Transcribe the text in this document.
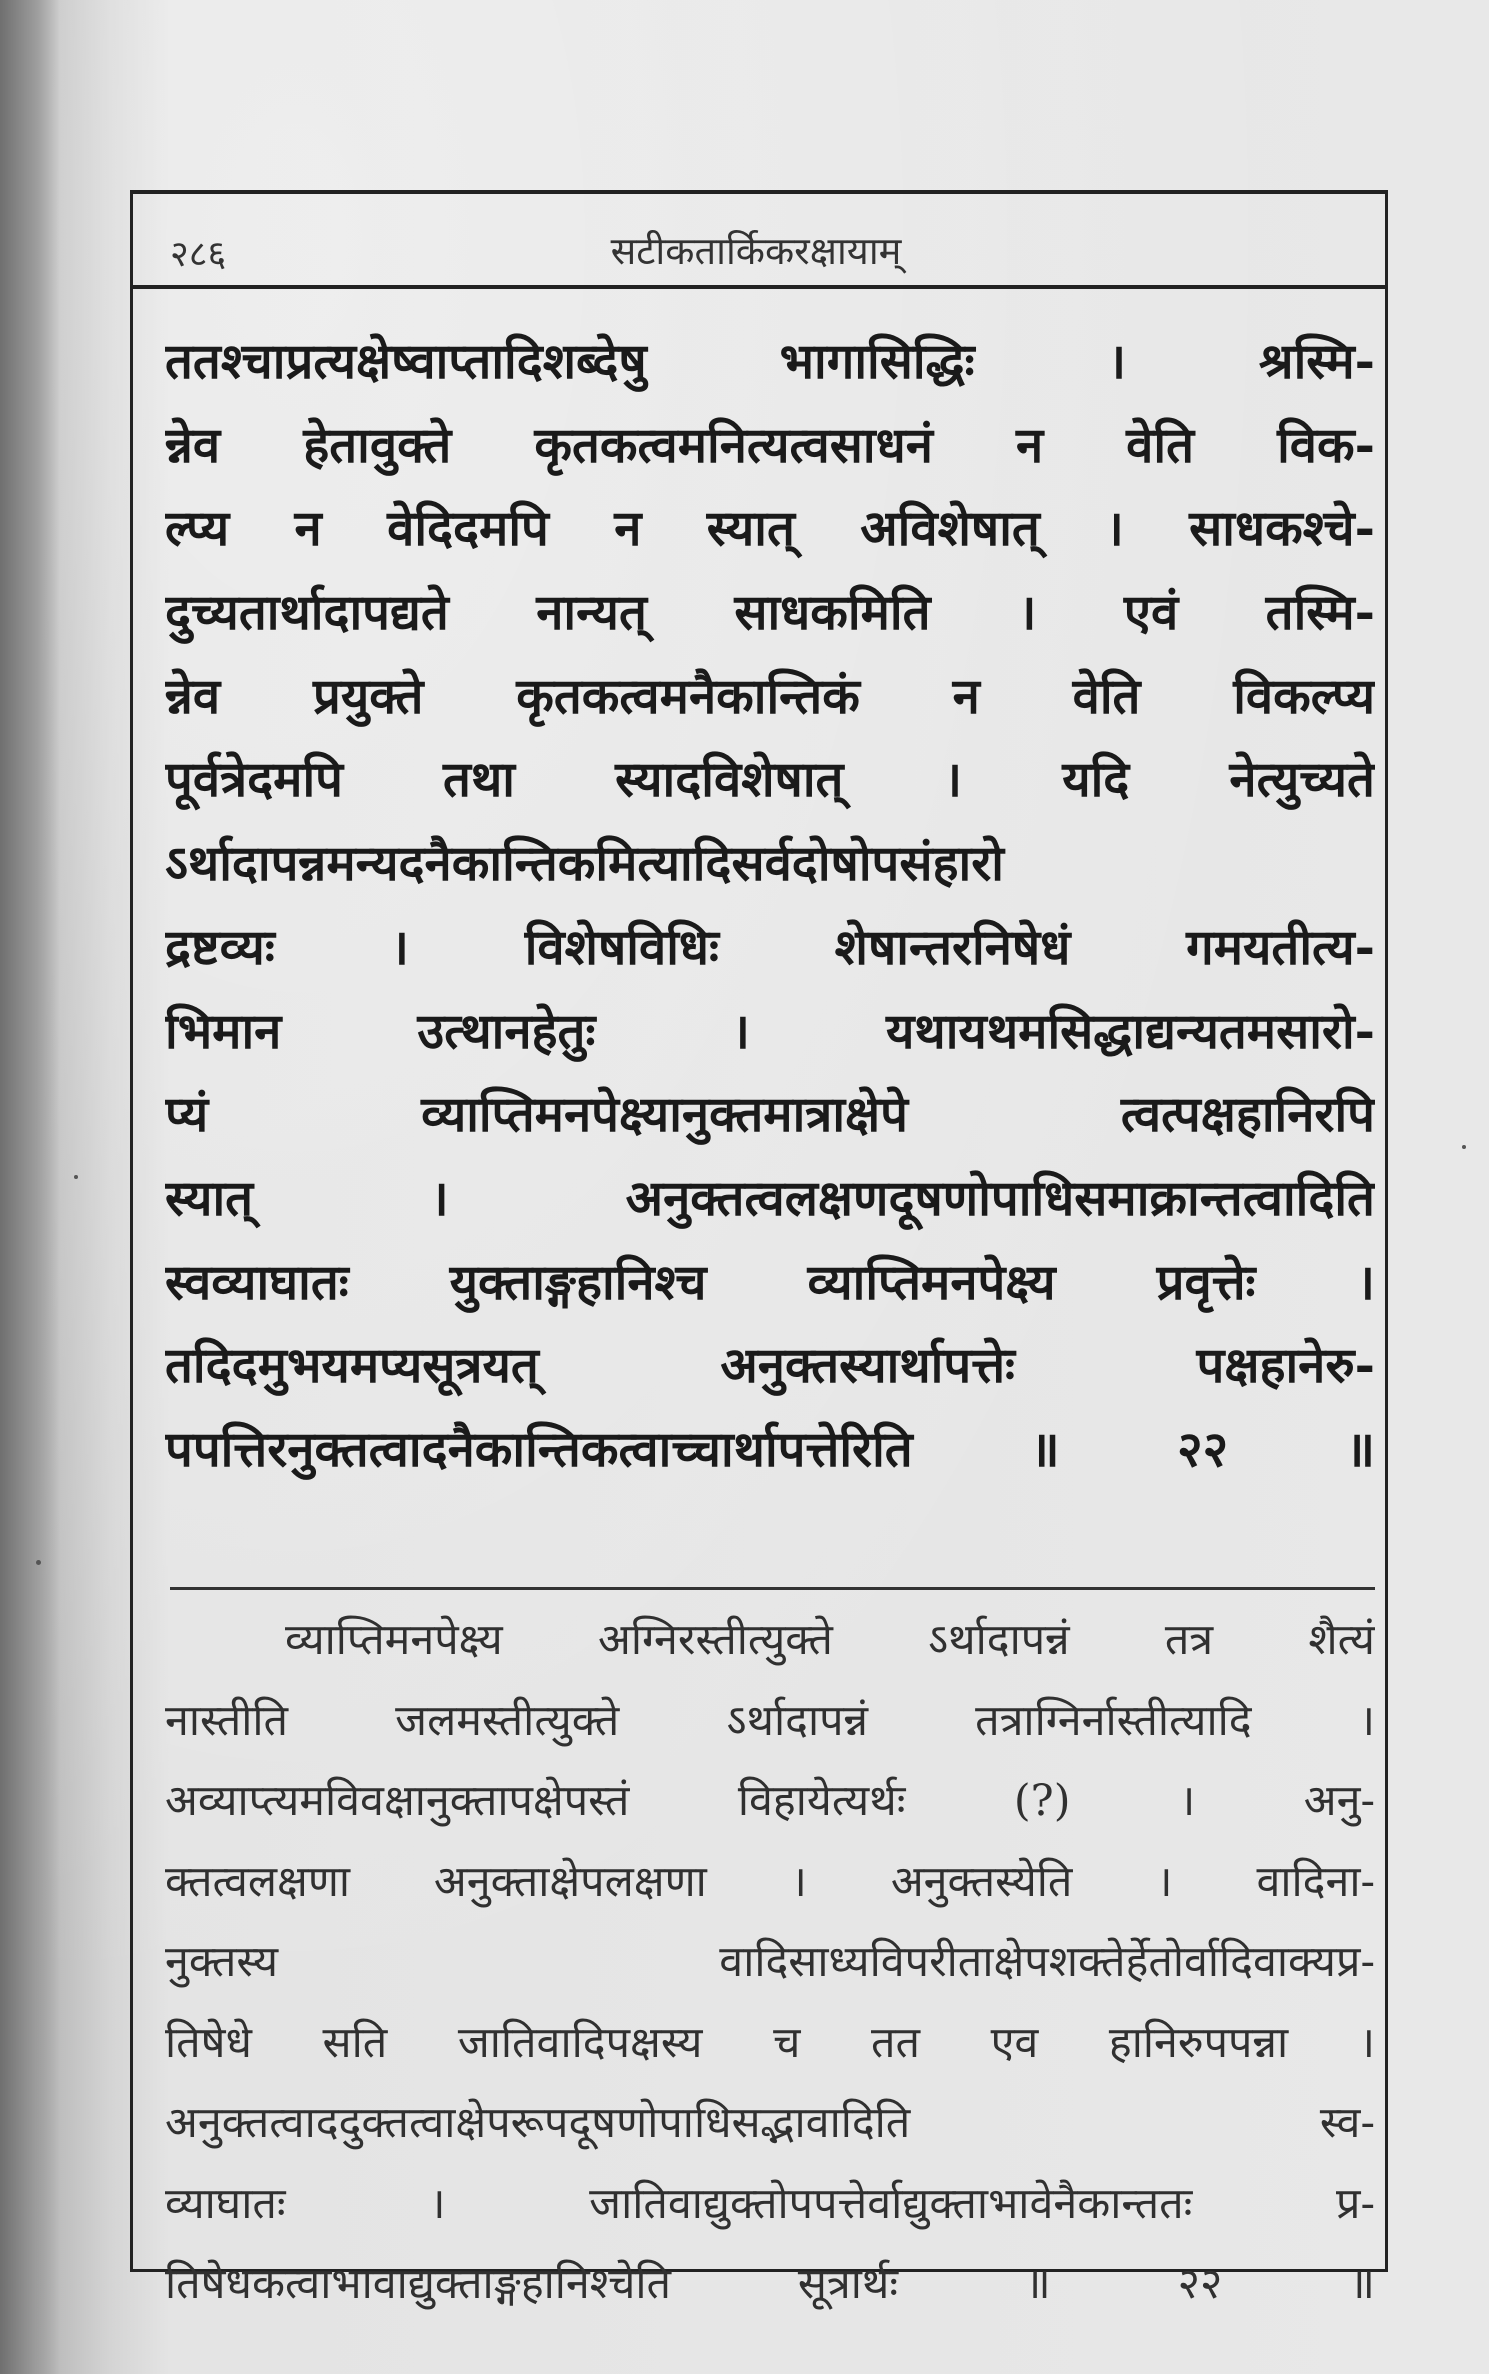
२८६	सटीकतार्किकरक्षायाम्
ततश्चाप्रत्यक्षेष्वाप्तादिशब्देषु भागासिद्धिः । श्रस्मि-
न्नेव हेतावुक्ते कृतकत्वमनित्यत्वसाधनं न वेति विक-
ल्प्य न वेदिदमपि न स्यात् अविशेषात् । साधकश्चे-
दुच्यतार्थादापद्यते नान्यत् साधकमिति । एवं तस्मि-
न्नेव प्रयुक्ते कृतकत्वमनैकान्तिकं न वेति विकल्प्य
पूर्वत्रेदमपि तथा स्यादविशेषात् । यदि नेत्युच्यते
ऽर्थादापन्नमन्यदनैकान्तिकमित्यादिसर्वदोषोपसंहारो
द्रष्टव्यः । विशेषविधिः शेषान्तरनिषेधं गमयतीत्य-
भिमान उत्थानहेतुः । यथायथमसिद्धाद्यन्यतमसारो-
प्यं व्याप्तिमनपेक्ष्यानुक्तमात्राक्षेपे त्वत्पक्षहानिरपि
स्यात् । अनुक्तत्वलक्षणदूषणोपाधिसमाक्रान्तत्वादिति
स्वव्याघातः युक्ताङ्गहानिश्च व्याप्तिमनपेक्ष्य प्रवृत्तेः ।
तदिदमुभयमप्यसूत्रयत् अनुक्तस्यार्थापत्तेः पक्षहानेरु-
पपत्तिरनुक्तत्वादनैकान्तिकत्वाच्चार्थापत्तेरिति ॥ २२ ॥
व्याप्तिमनपेक्ष्य अग्निरस्तीत्युक्ते ऽर्थादापन्नं तत्र शैत्यं
नास्तीति जलमस्तीत्युक्ते ऽर्थादापन्नं तत्राग्निर्नास्तीत्यादि ।
अव्याप्त्यमविवक्षानुक्तापक्षेपस्तं विहायेत्यर्थः (?) । अनु-
क्तत्वलक्षणा अनुक्ताक्षेपलक्षणा । अनुक्तस्येति । वादिना-
नुक्तस्य वादिसाध्यविपरीताक्षेपशक्तेर्हेतोर्वादिवाक्यप्र-
तिषेधे सति जातिवादिपक्षस्य च तत एव हानिरुपपन्ना ।
अनुक्तत्वाददुक्तत्वाक्षेपरूपदूषणोपाधिसद्भावादिति स्व-
व्याघातः । जातिवाद्युक्तोपपत्तेर्वाद्युक्ताभावेनैकान्ततः प्र-
तिषेधकत्वाभावाद्युक्ताङ्गहानिश्चेति सूत्रार्थः ॥ २२ ॥
